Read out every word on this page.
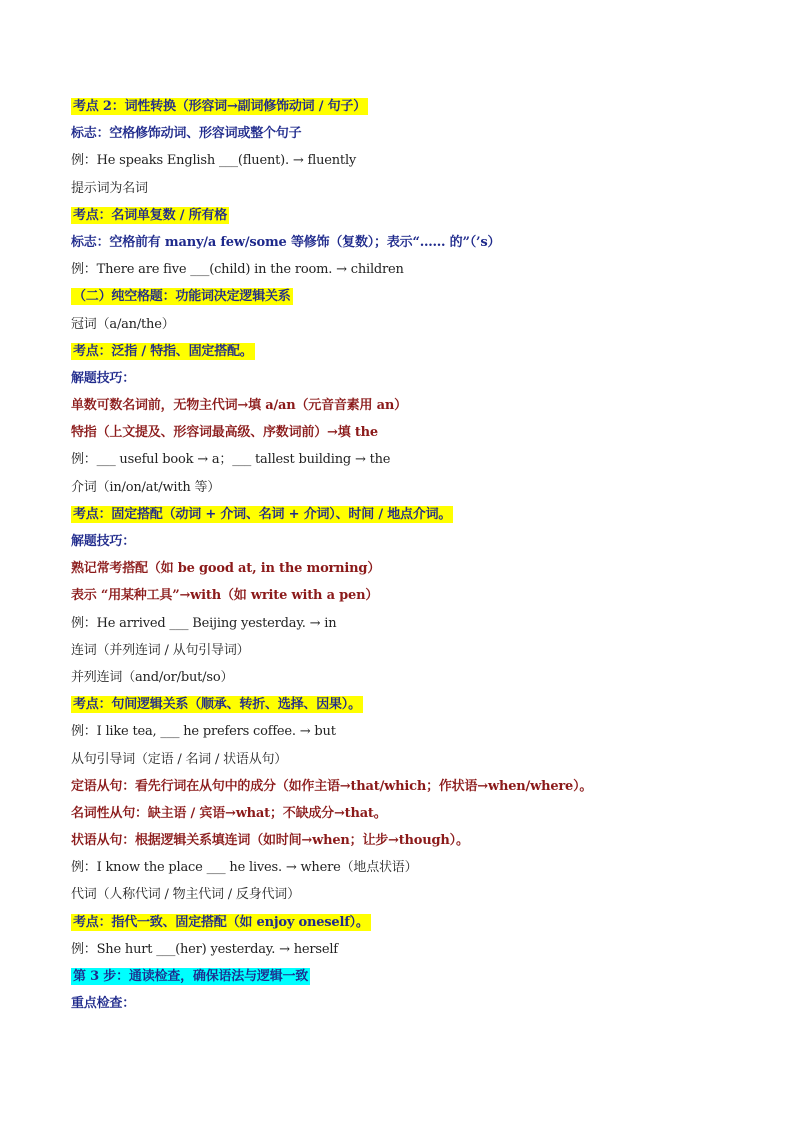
考点 2：词性转换（形容词→副词修饰动词 / 句子）
标志：空格修饰动词、形容词或整个句子
例：He speaks English ___(fluent). → fluently
提示词为名词
考点：名词单复数 / 所有格
标志：空格前有 many/a few/some 等修饰（复数）；表示“…… 的”（’s）
例：There are five ___(child) in the room. → children
（二）纯空格题：功能词决定逻辑关系
冠词（a/an/the）
考点：泛指 / 特指、固定搭配。
解题技巧：
单数可数名词前，无物主代词→填 a/an（元音音素用 an）
特指（上文提及、形容词最高级、序数词前）→填 the
例：___ useful book → a；___ tallest building → the
介词（in/on/at/with 等）
考点：固定搭配（动词 + 介词、名词 + 介词）、时间 / 地点介词。
解题技巧：
熟记常考搭配（如 be good at, in the morning）
表示 “用某种工具”→with（如 write with a pen）
例：He arrived ___ Beijing yesterday. → in
连词（并列连词 / 从句引导词）
并列连词（and/or/but/so）
考点：句间逻辑关系（顺承、转折、选择、因果）。
例：I like tea, ___ he prefers coffee. → but
从句引导词（定语 / 名词 / 状语从句）
定语从句：看先行词在从句中的成分（如作主语→that/which；作状语→when/where）。
名词性从句：缺主语 / 宾语→what；不缺成分→that。
状语从句：根据逻辑关系填连词（如时间→when；让步→though）。
例：I know the place ___ he lives. → where（地点状语）
代词（人称代词 / 物主代词 / 反身代词）
考点：指代一致、固定搭配（如 enjoy oneself）。
例：She hurt ___(her) yesterday. → herself
第 3 步：通读检查，确保语法与逻辑一致
重点检查：
